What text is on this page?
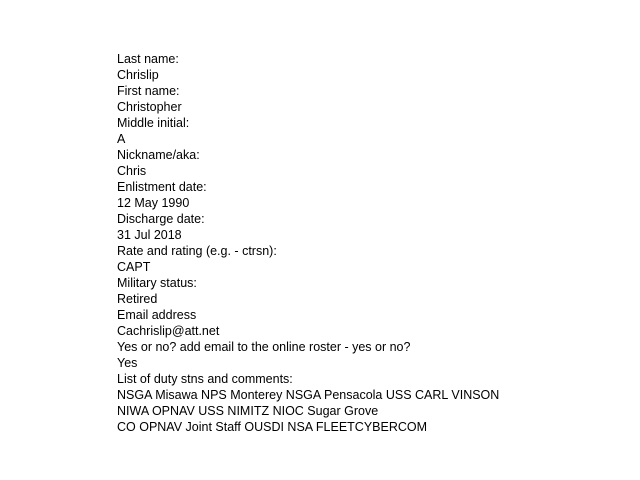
Last name:
Chrislip
First name:
Christopher
Middle initial:
A
Nickname/aka:
Chris
Enlistment date:
12 May 1990
Discharge date:
31 Jul 2018
Rate and rating (e.g. - ctrsn):
CAPT
Military status:
Retired
Email address
Cachrislip@att.net
Yes or no? add email to the online roster - yes or no?
Yes
List of duty stns and comments:
NSGA Misawa NPS Monterey NSGA Pensacola USS CARL VINSON
NIWA OPNAV USS NIMITZ NIOC Sugar Grove
CO OPNAV Joint Staff OUSDI NSA FLEETCYBERCOM
